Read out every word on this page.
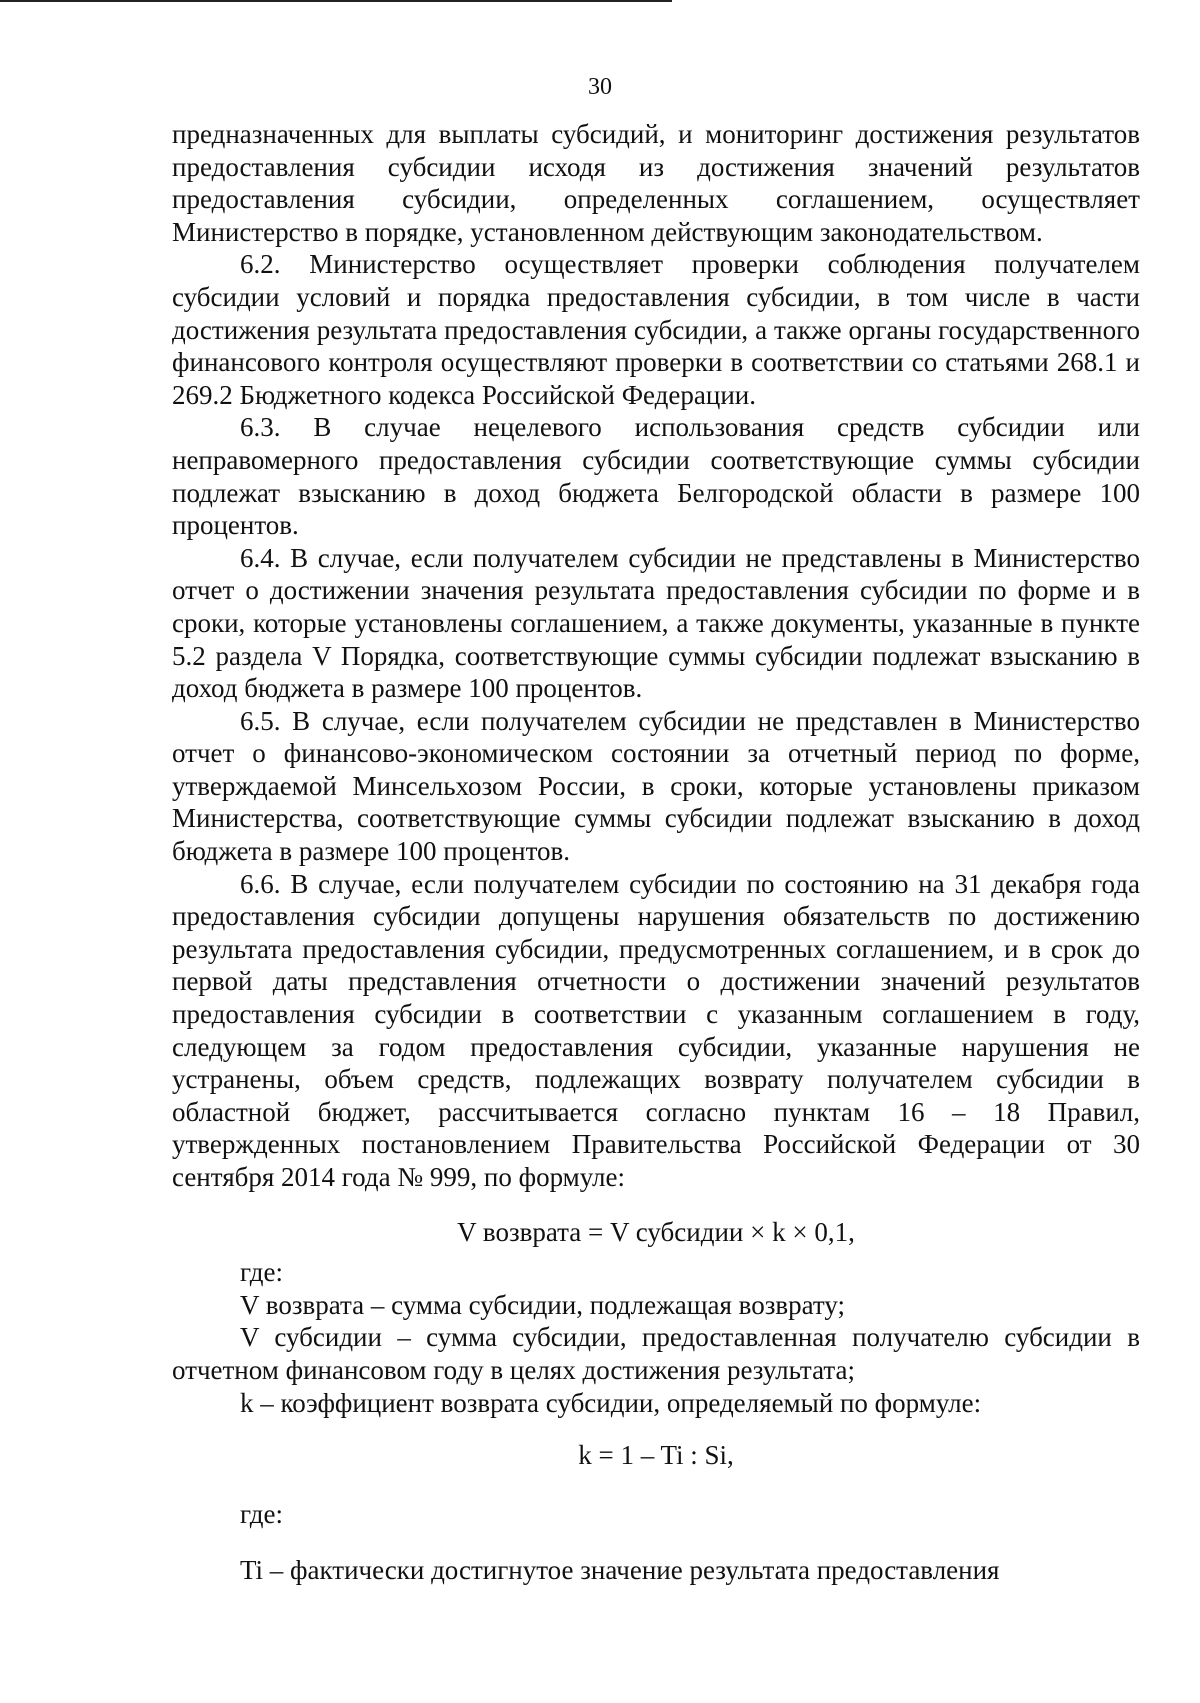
30

предназначенных для выплаты субсидий, и мониторинг достижения результатов предоставления субсидии исходя из достижения значений результатов предоставления субсидии, определенных соглашением, осуществляет Министерство в порядке, установленном действующим законодательством.

6.2. Министерство осуществляет проверки соблюдения получателем субсидии условий и порядка предоставления субсидии, в том числе в части достижения результата предоставления субсидии, а также органы государственного финансового контроля осуществляют проверки в соответствии со статьями 268.1 и 269.2 Бюджетного кодекса Российской Федерации.

6.3. В случае нецелевого использования средств субсидии или неправомерного предоставления субсидии соответствующие суммы субсидии подлежат взысканию в доход бюджета Белгородской области в размере 100 процентов.

6.4. В случае, если получателем субсидии не представлены в Министерство отчет о достижении значения результата предоставления субсидии по форме и в сроки, которые установлены соглашением, а также документы, указанные в пункте 5.2 раздела V Порядка, соответствующие суммы субсидии подлежат взысканию в доход бюджета в размере 100 процентов.

6.5. В случае, если получателем субсидии не представлен в Министерство отчет о финансово-экономическом состоянии за отчетный период по форме, утверждаемой Минсельхозом России, в сроки, которые установлены приказом Министерства, соответствующие суммы субсидии подлежат взысканию в доход бюджета в размере 100 процентов.

6.6. В случае, если получателем субсидии по состоянию на 31 декабря года предоставления субсидии допущены нарушения обязательств по достижению результата предоставления субсидии, предусмотренных соглашением, и в срок до первой даты представления отчетности о достижении значений результатов предоставления субсидии в соответствии с указанным соглашением в году, следующем за годом предоставления субсидии, указанные нарушения не устранены, объем средств, подлежащих возврату получателем субсидии в областной бюджет, рассчитывается согласно пунктам 16 – 18 Правил, утвержденных постановлением Правительства Российской Федерации от 30 сентября 2014 года № 999, по формуле:

V возврата = V субсидии × k × 0,1,

где:

V возврата – сумма субсидии, подлежащая возврату;

V субсидии – сумма субсидии, предоставленная получателю субсидии в отчетном финансовом году в целях достижения результата;

k – коэффициент возврата субсидии, определяемый по формуле:

k = 1 – Ti : Si,

где:

Ti – фактически достигнутое значение результата предоставления
